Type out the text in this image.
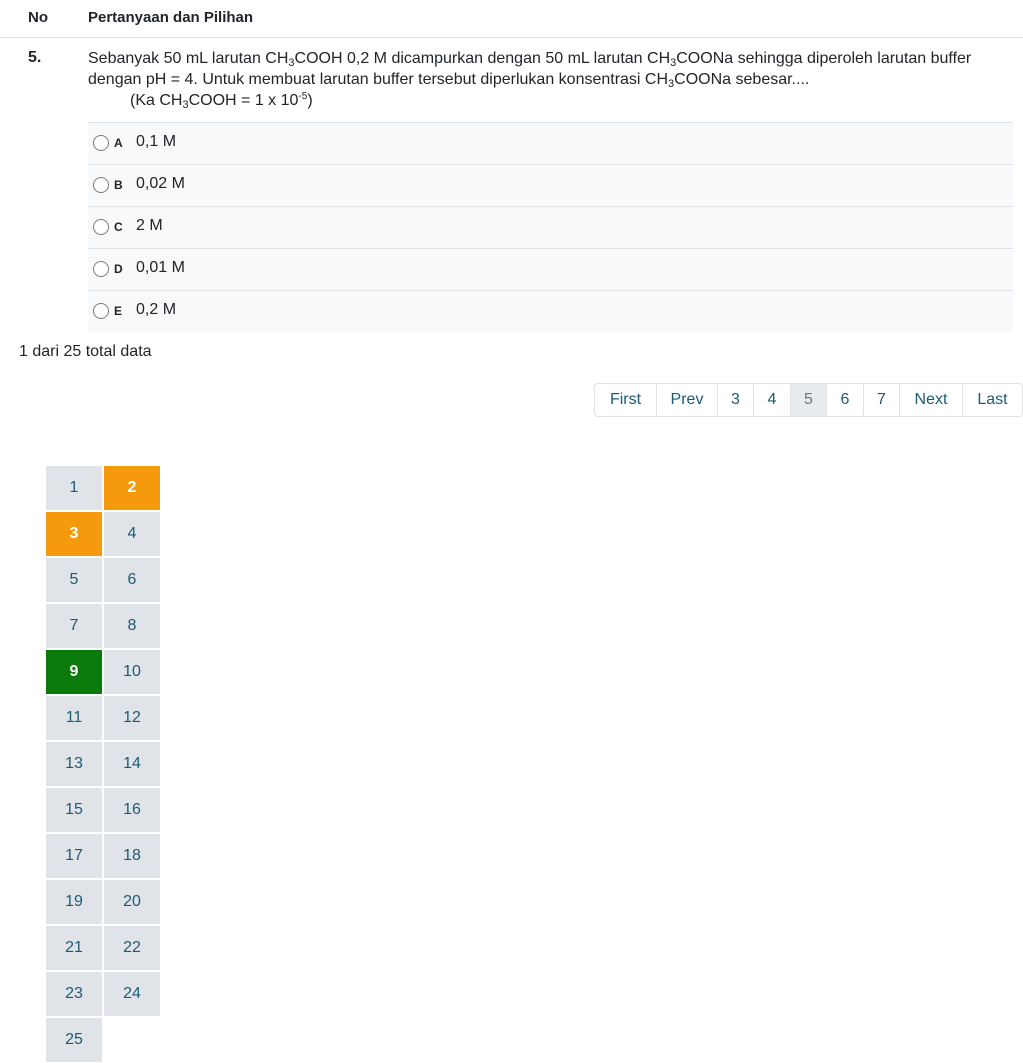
No	Pertanyaan dan Pilihan
5.	Sebanyak 50 mL larutan $CH_3COOH$ 0,2 M dicampurkan dengan 50 mL larutan $CH_3COONa$ sehingga diperoleh larutan buffer dengan pH = 4. Untuk membuat larutan buffer tersebut diperlukan konsentrasi $CH_3COONa$ sebesar....
(Ka $CH_3COOH = 1$ x $10^{-5}$)
A 0,1 M
B 0,02 M
C 2 M
D 0,01 M
E 0,2 M
1 dari 25 total data
First	Prev	3	4	5	6	7	Next	Last
1	2
3	4
5	6
7	8
9	10
11	12
13	14
15	16
17	18
19	20
21	22
23	24
25
